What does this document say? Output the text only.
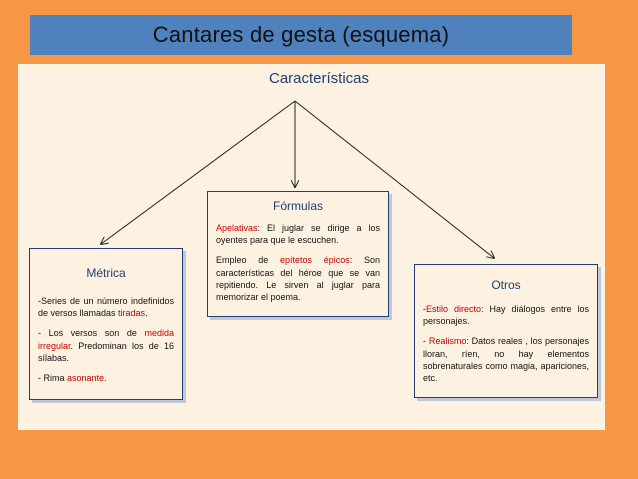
Cantares de gesta (esquema)
Características
Métrica

-Series de un número indefinidos de versos llamadas tiradas.

- Los versos son de medida irregular. Predominan los de 16 sílabas.

- Rima asonante.

Fórmulas

Apelativas: El juglar se dirige a los oyentes para que le escuchen.

Empleo de epítetos épicos: Son características del héroe que se van repitiendo. Le sirven al juglar para memorizar el poema.

Otros

-Estilo directo: Hay diálogos entre los personajes.

- Realismo: Datos reales , los personajes lloran, ríen, no hay elementos sobrenaturales como magia, apariciones, etc.
